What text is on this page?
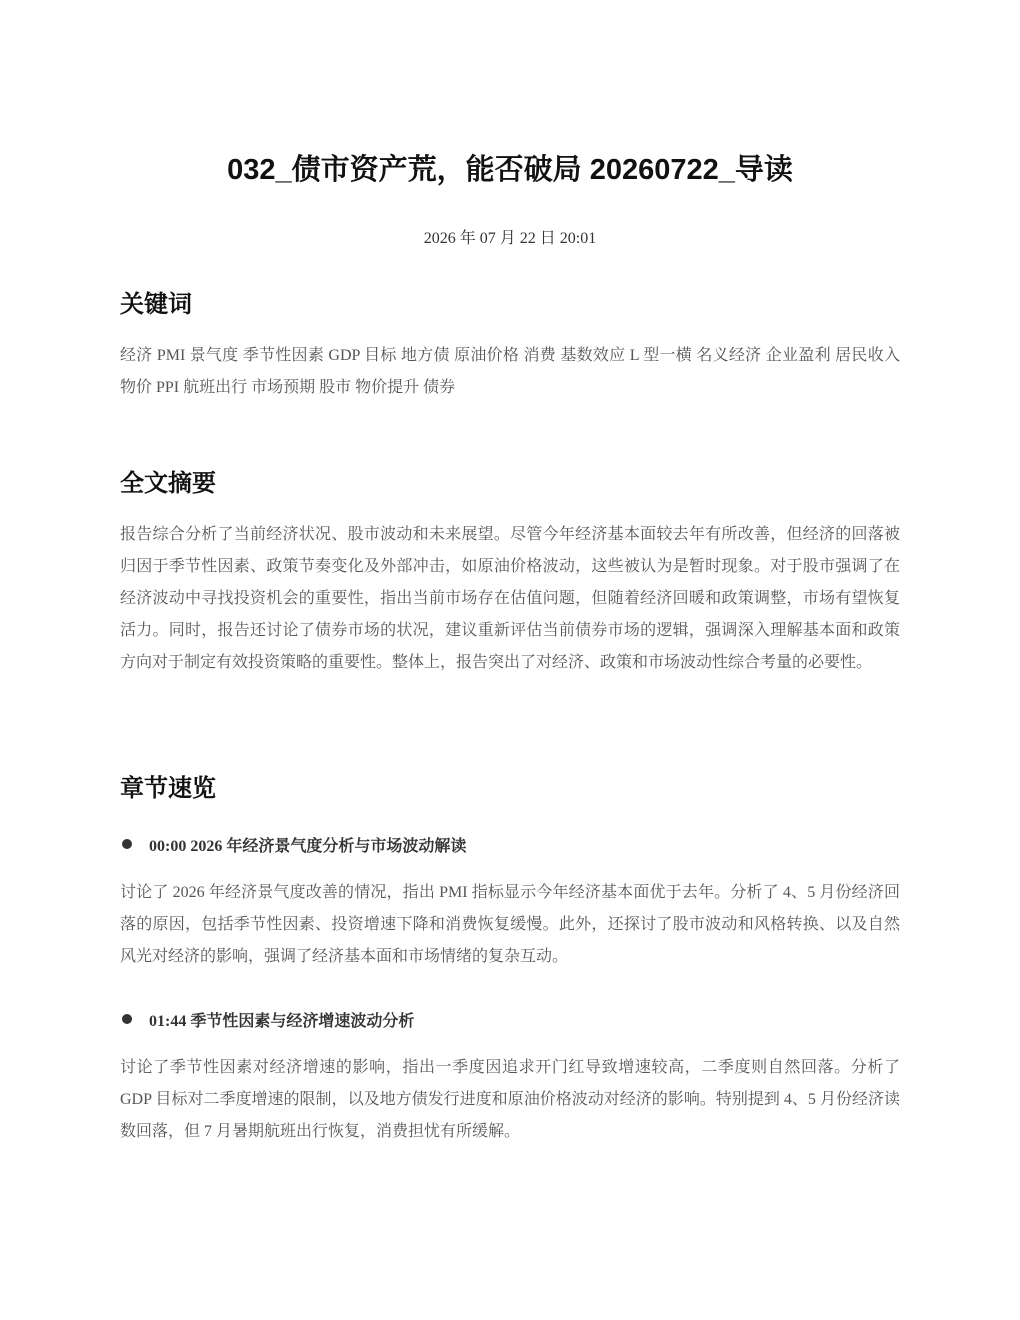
032_债市资产荒，能否破局 20260722_导读
2026 年 07 月 22 日 20:01
关键词

经济 PMI 景气度 季节性因素 GDP 目标 地方债 原油价格 消费 基数效应 L 型一横 名义经济 企业盈利 居民收入 物价 PPI 航班出行 市场预期 股市 物价提升 债券

全文摘要

报告综合分析了当前经济状况、股市波动和未来展望。尽管今年经济基本面较去年有所改善，但经济的回落被归因于季节性因素、政策节奏变化及外部冲击，如原油价格波动，这些被认为是暂时现象。对于股市强调了在经济波动中寻找投资机会的重要性，指出当前市场存在估值问题，但随着经济回暖和政策调整，市场有望恢复活力。同时，报告还讨论了债券市场的状况，建议重新评估当前债券市场的逻辑，强调深入理解基本面和政策方向对于制定有效投资策略的重要性。整体上，报告突出了对经济、政策和市场波动性综合考量的必要性。

章节速览
00:00 2026 年经济景气度分析与市场波动解读

讨论了 2026 年经济景气度改善的情况，指出 PMI 指标显示今年经济基本面优于去年。分析了 4、5 月份经济回落的原因，包括季节性因素、投资增速下降和消费恢复缓慢。此外，还探讨了股市波动和风格转换、以及自然风光对经济的影响，强调了经济基本面和市场情绪的复杂互动。

01:44 季节性因素与经济增速波动分析

讨论了季节性因素对经济增速的影响，指出一季度因追求开门红导致增速较高，二季度则自然回落。分析了 GDP 目标对二季度增速的限制，以及地方债发行进度和原油价格波动对经济的影响。特别提到 4、5 月份经济读数回落，但 7 月暑期航班出行恢复，消费担忧有所缓解。
